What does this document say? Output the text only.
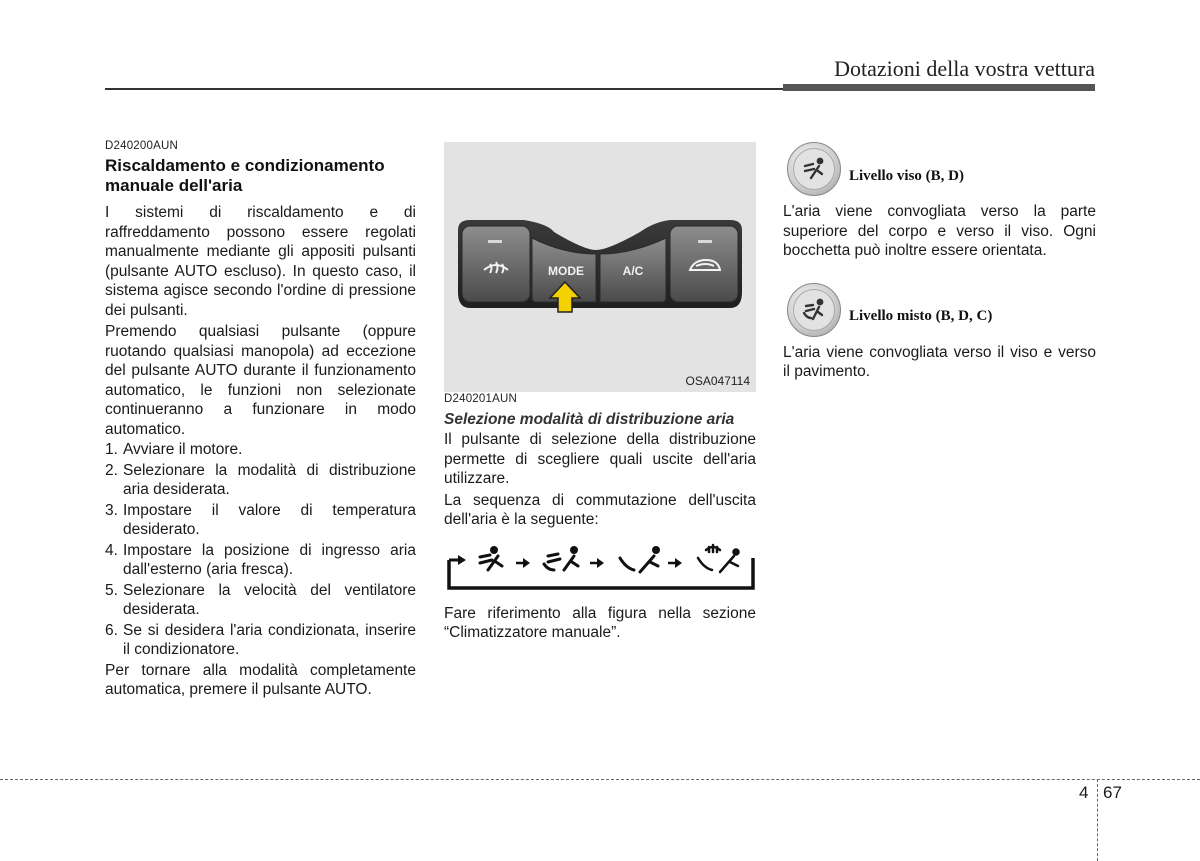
Dotazioni della vostra vettura
D240200AUN
Riscaldamento e condizionamento manuale dell'aria

I sistemi di riscaldamento e di raffreddamento possono essere regolati manualmente mediante gli appositi pulsanti (pulsante AUTO escluso). In questo caso, il sistema agisce secondo l'ordine di pressione dei pulsanti.

Premendo qualsiasi pulsante (oppure ruotando qualsiasi manopola) ad eccezione del pulsante AUTO durante il funzionamento automatico, le funzioni non selezionate continueranno a funzionare in modo automatico.

1. Avviare il motore.
2. Selezionare la modalità di distribuzione aria desiderata.
3. Impostare il valore di temperatura desiderato.
4. Impostare la posizione di ingresso aria dall'esterno (aria fresca).
5. Selezionare la velocità del ventilatore desiderata.
6. Se si desidera l'aria condizionata, inserire il condizionatore.

Per tornare alla modalità completamente automatica, premere il pulsante AUTO.

MODE	A/C
OSA047114
D240201AUN
Selezione modalità di distribuzione aria

Il pulsante di selezione della distribuzione permette di scegliere quali uscite dell'aria utilizzare.

La sequenza di commutazione dell'uscita dell'aria è la seguente:

Fare riferimento alla figura nella sezione “Climatizzatore manuale”.

Livello viso (B, D)

L'aria viene convogliata verso la parte superiore del corpo e verso il viso. Ogni bocchetta può inoltre essere orientata.

Livello misto (B, D, C)

L'aria viene convogliata verso il viso e verso il pavimento.

4 67
